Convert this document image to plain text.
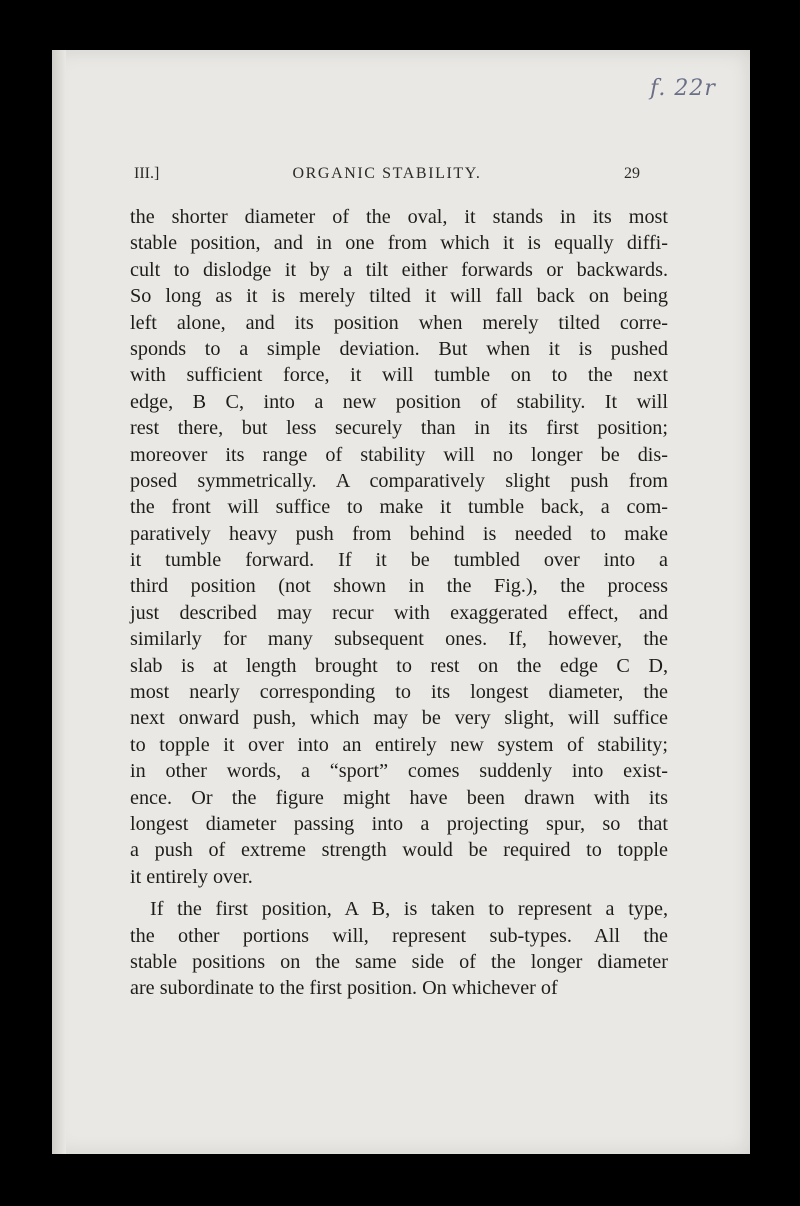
f. 22r
III.]	ORGANIC STABILITY.	29
the shorter diameter of the oval, it stands in its most
stable position, and in one from which it is equally diffi-
cult to dislodge it by a tilt either forwards or backwards.
So long as it is merely tilted it will fall back on being
left alone, and its position when merely tilted corre-
sponds to a simple deviation. But when it is pushed
with sufficient force, it will tumble on to the next
edge, B C, into a new position of stability. It will
rest there, but less securely than in its first position;
moreover its range of stability will no longer be dis-
posed symmetrically. A comparatively slight push from
the front will suffice to make it tumble back, a com-
paratively heavy push from behind is needed to make
it tumble forward. If it be tumbled over into a
third position (not shown in the Fig.), the process
just described may recur with exaggerated effect, and
similarly for many subsequent ones. If, however, the
slab is at length brought to rest on the edge C D,
most nearly corresponding to its longest diameter, the
next onward push, which may be very slight, will suffice
to topple it over into an entirely new system of stability;
in other words, a “sport” comes suddenly into exist-
ence. Or the figure might have been drawn with its
longest diameter passing into a projecting spur, so that
a push of extreme strength would be required to topple
it entirely over.
If the first position, A B, is taken to represent a type,
the other portions will, represent sub-types. All the
stable positions on the same side of the longer diameter
are subordinate to the first position. On whichever of
